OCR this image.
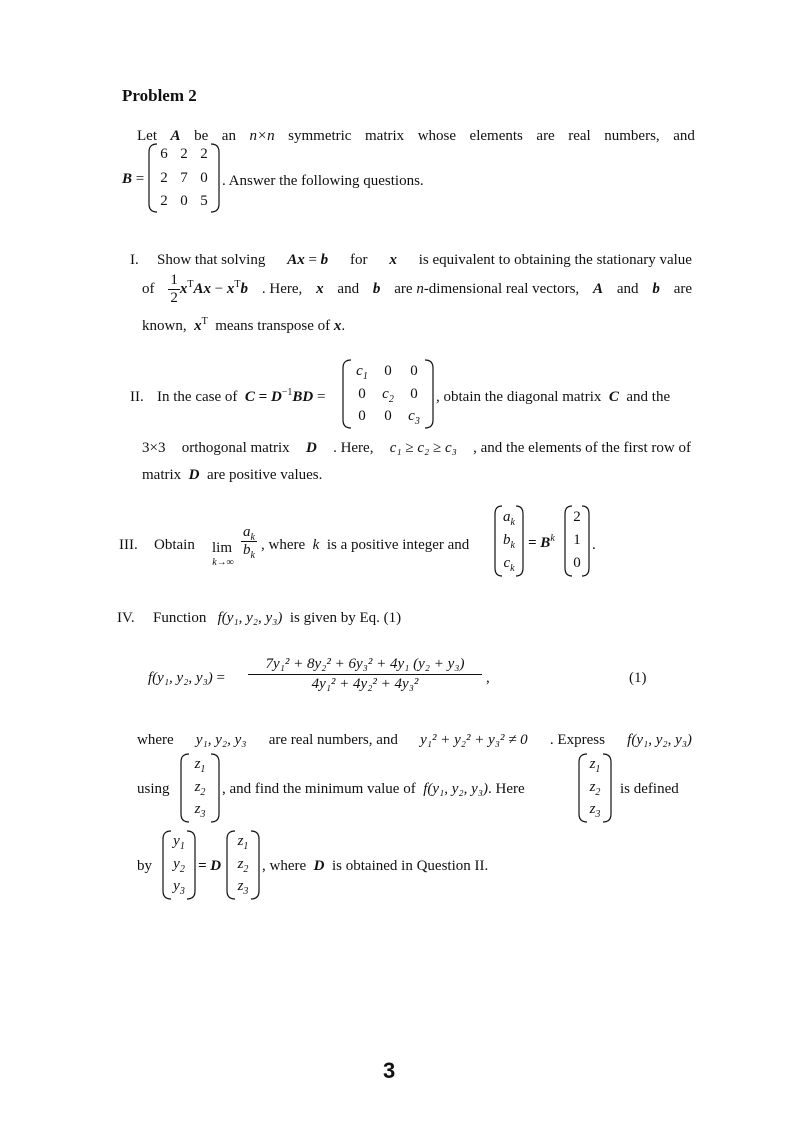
Problem 2
Let A be an n×n symmetric matrix whose elements are real numbers, and
B =
6 2 2
2 7 0
2 0 5
. Answer the following questions.
I. Show that solving Ax = b for x is equivalent to obtaining the stationary value
of $\frac{1}{2} x^TAx - x^Tb$ . Here, x and b are n-dimensional real vectors, A and b are
known, $x^T$ means transpose of x.
II. In the case of $C = D^{-1}BD$ =
$c_1$	0	0
0	$c_2$	0
0	0	$c_3$
, obtain the diagonal matrix C and the
3×3 orthogonal matrix D . Here, c₁ ≥ c₂ ≥ c₃ , and the elements of the first row of
matrix D are positive values.
III. Obtain	lim
k→∞
$\frac{a_k}{b_k}$ , where k is a positive integer and
$a_k$
$b_k$
$c_k$
= $B^k$
2
1
0
.
IV. Function f(y₁, y₂, y₃) is given by Eq. (1)
f(y₁, y₂, $y_3) = \frac{\text{7y₁² + 8y₂² + 6y₃² + 4y₁ (y₂ + y₃)}}{\text{4y₁² + 4y₂² + 4y₃²}}$ ,	(1)
where y₁, y₂, y₃ are real numbers, and y₁² + y₂² + y₃² ≠ 0 . Express f(y₁, y₂, y₃)
using
$z_1$
$z_2$
$z_3$
, and find the minimum value of f(y₁, y₂, y₃). Here
$z_1$
$z_2$
$z_3$
is defined
by
$y_1$
$y_2$
$y_3$
= D
$z_1$
$z_2$
$z_3$
, where D is obtained in Question II.
3
